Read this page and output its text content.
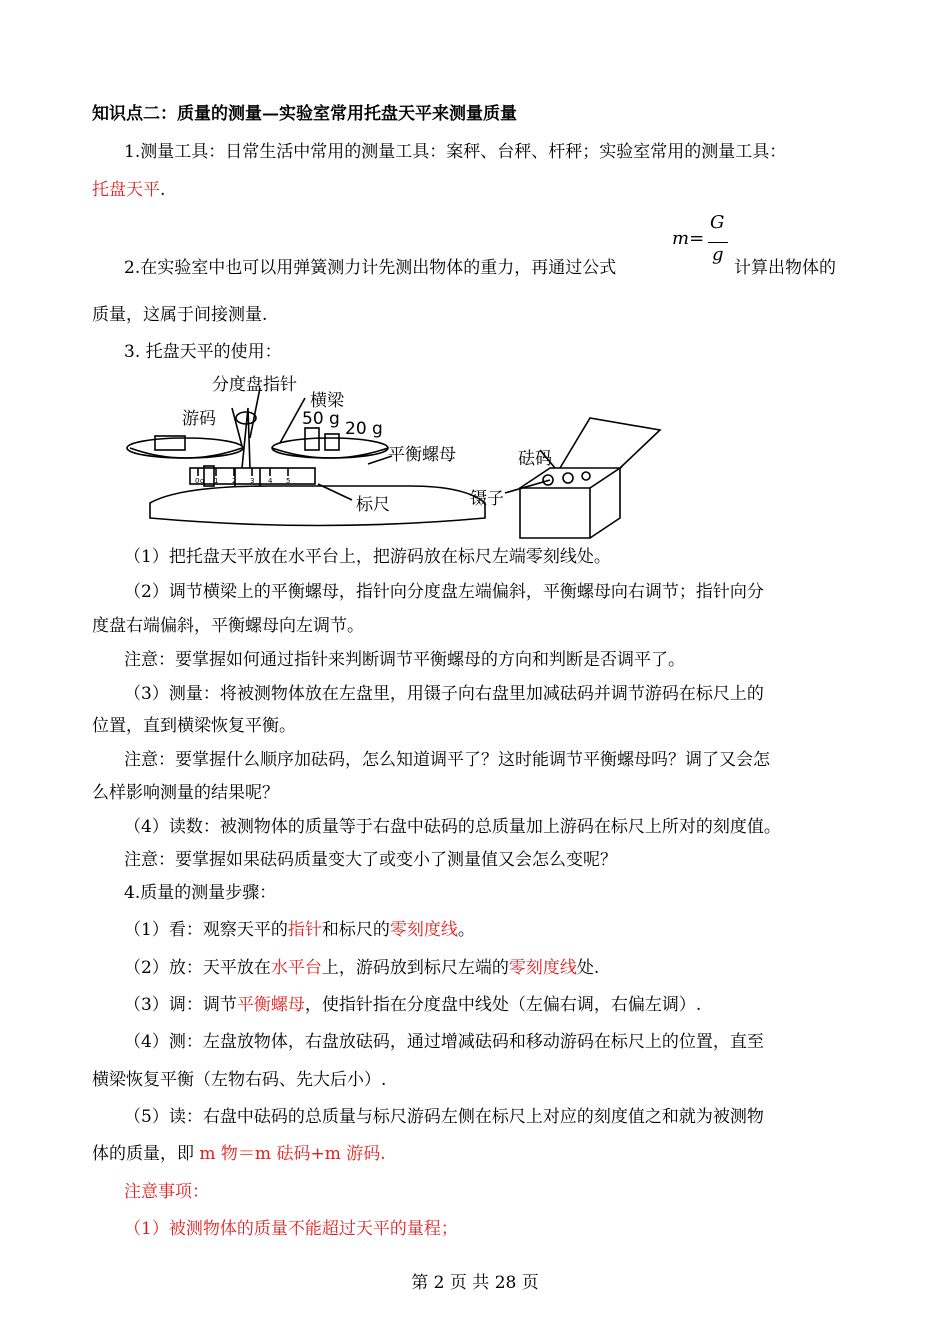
知识点二：质量的测量—实验室常用托盘天平来测量质量
1.测量工具：日常生活中常用的测量工具：案秤、台秤、杆秤；实验室常用的测量工具：
托盘天平.
m=
G
g
2.在实验室中也可以用弹簧测力计先测出物体的重力，再通过公式	计算出物体的
质量，这属于间接测量.
3. 托盘天平的使用：
分度盘指针
横梁
游码	50 g 20 g
平衡螺母
标尺
砝码
镊子
0 g 1 2 3 4 5
（1）把托盘天平放在水平台上，把游码放在标尺左端零刻线处。
（2）调节横梁上的平衡螺母，指针向分度盘左端偏斜，平衡螺母向右调节；指针向分
度盘右端偏斜，平衡螺母向左调节。
注意：要掌握如何通过指针来判断调节平衡螺母的方向和判断是否调平了。
（3）测量：将被测物体放在左盘里，用镊子向右盘里加减砝码并调节游码在标尺上的
位置，直到横梁恢复平衡。
注意：要掌握什么顺序加砝码，怎么知道调平了？这时能调节平衡螺母吗？调了又会怎
么样影响测量的结果呢？
（4）读数：被测物体的质量等于右盘中砝码的总质量加上游码在标尺上所对的刻度值。
注意：要掌握如果砝码质量变大了或变小了测量值又会怎么变呢？
4.质量的测量步骤：
（1）看：观察天平的指针和标尺的零刻度线。
（2）放：天平放在水平台上，游码放到标尺左端的零刻度线处.
（3）调：调节平衡螺母，使指针指在分度盘中线处（左偏右调，右偏左调）.
（4）测：左盘放物体，右盘放砝码，通过增减砝码和移动游码在标尺上的位置，直至
横梁恢复平衡（左物右码、先大后小）.
（5）读：右盘中砝码的总质量与标尺游码左侧在标尺上对应的刻度值之和就为被测物
体的质量，即 m 物＝m 砝码+m 游码.
注意事项：
（1）被测物体的质量不能超过天平的量程；
第 2 页 共 28 页
